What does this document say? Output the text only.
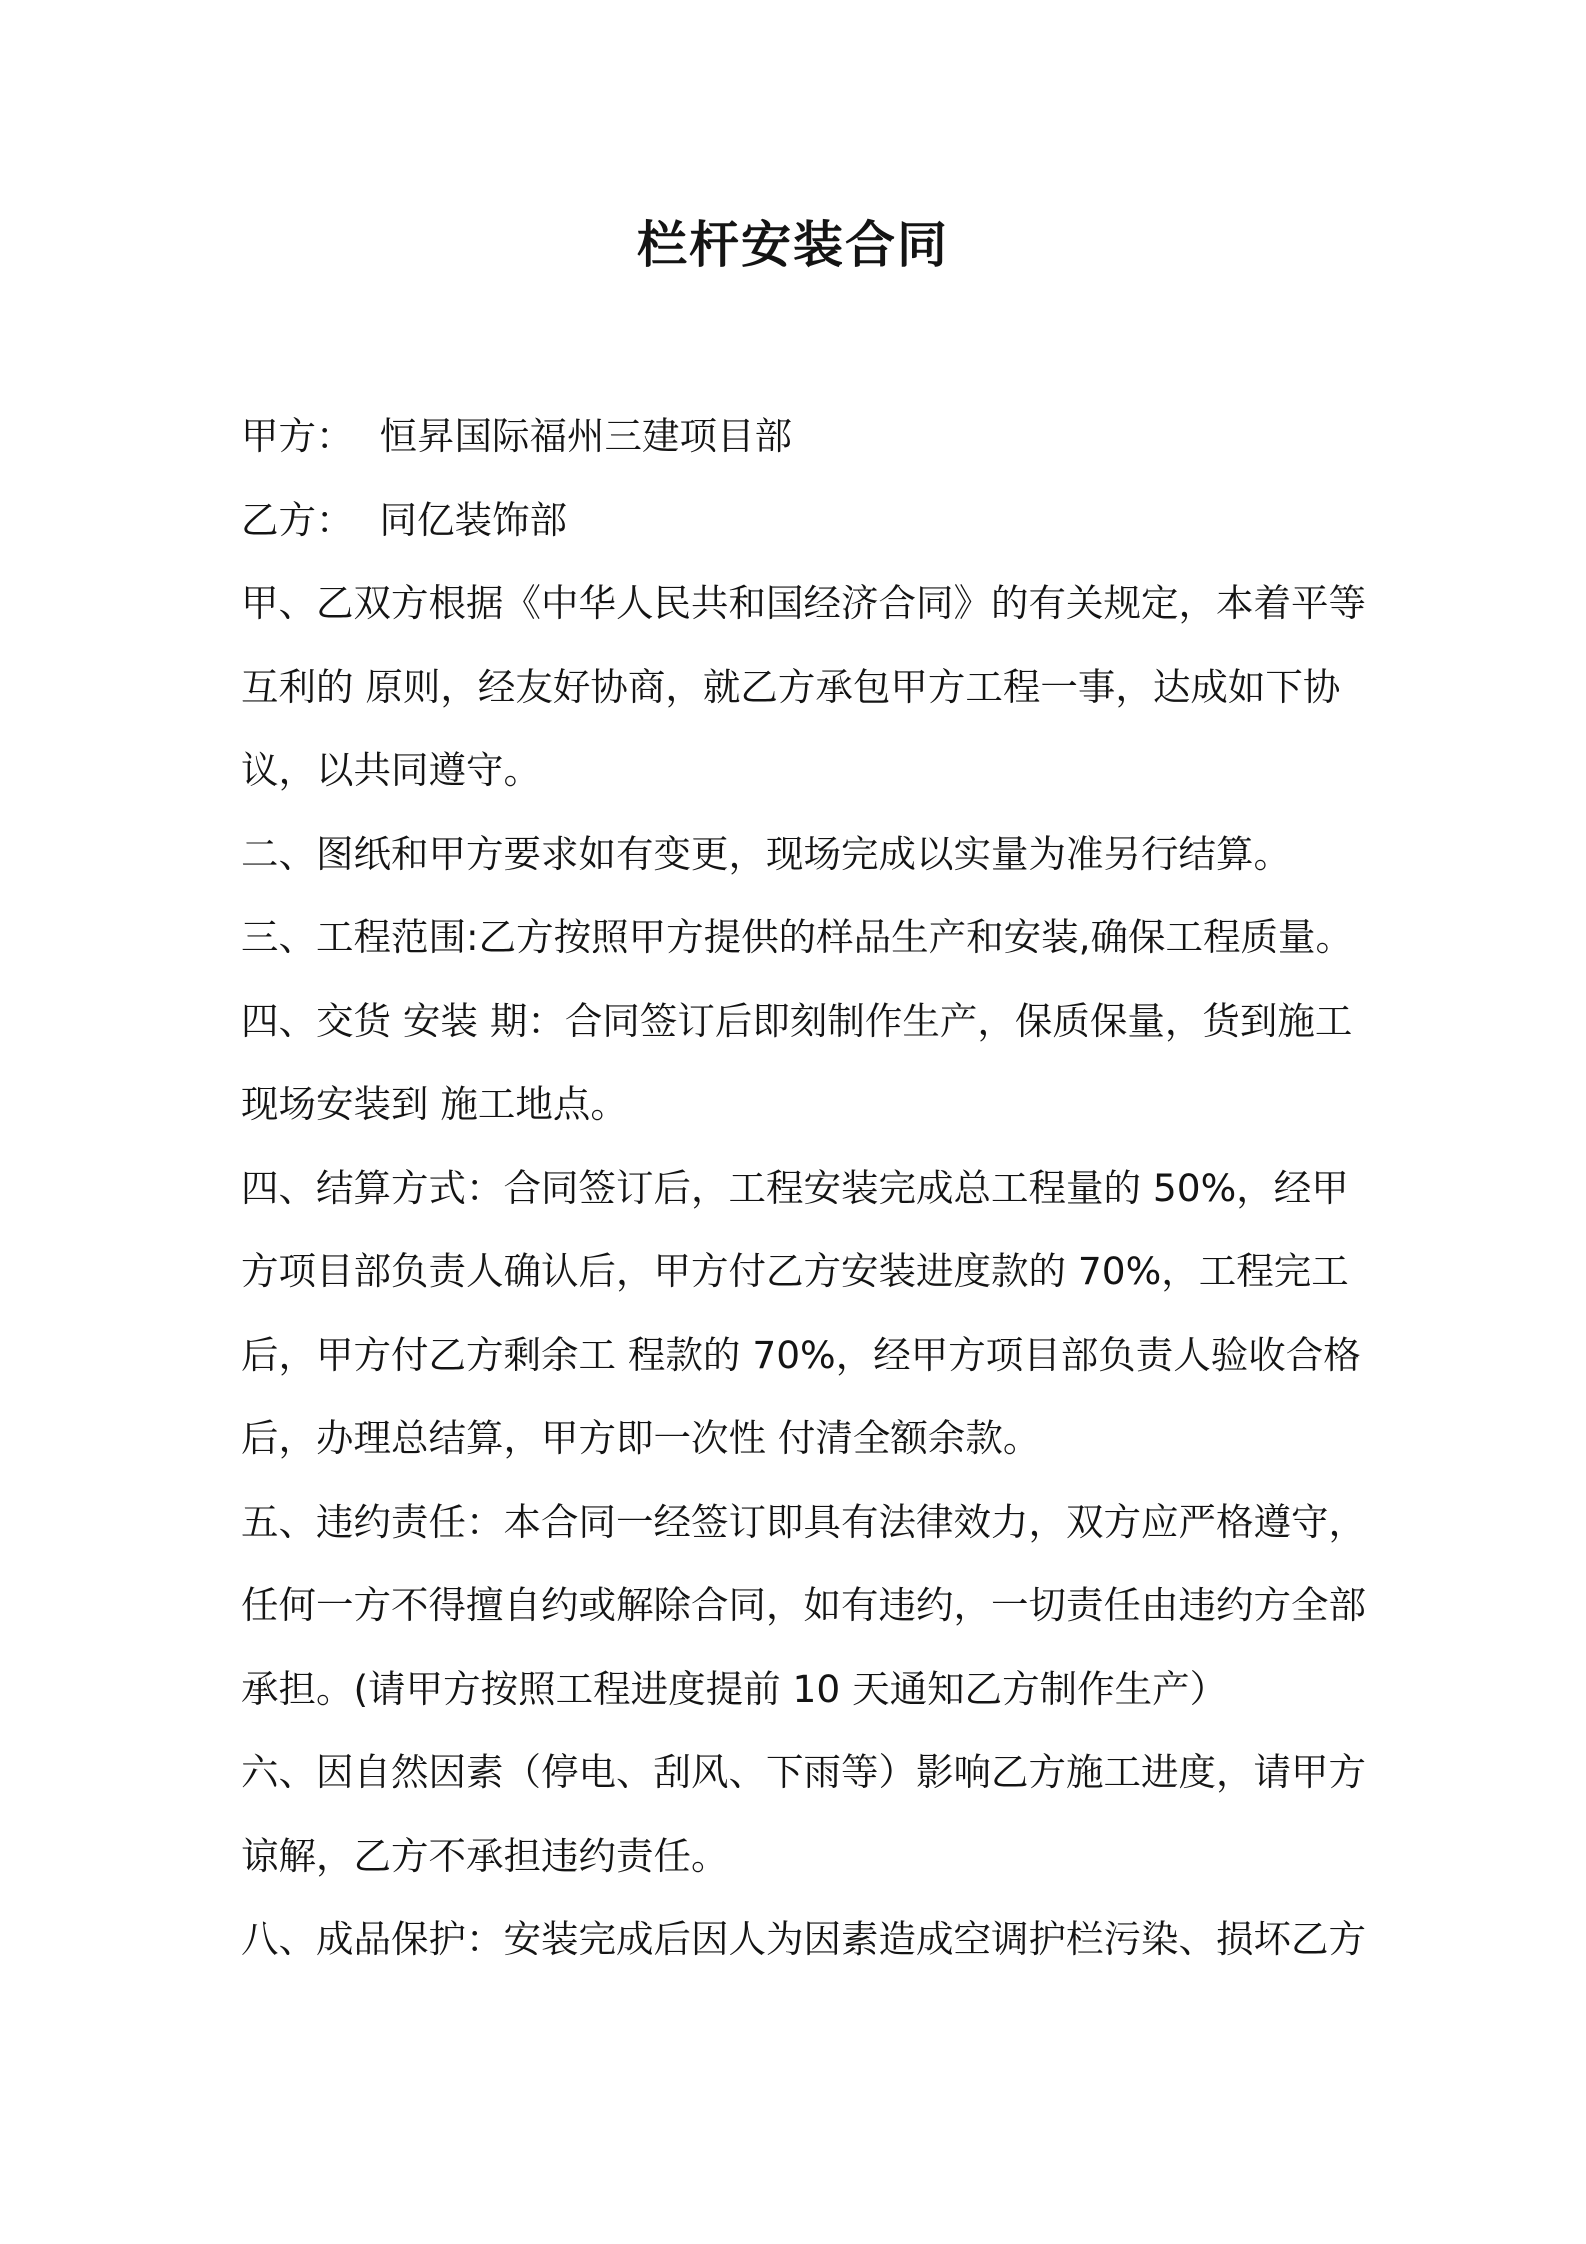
栏杆安装合同

甲方： 恒昇国际福州三建项目部

乙方： 同亿装饰部

甲、乙双方根据《中华人民共和国经济合同》的有关规定，本着平等

互利的 原则，经友好协商，就乙方承包甲方工程一事，达成如下协

议，以共同遵守。

二、图纸和甲方要求如有变更，现场完成以实量为准另行结算。

三、工程范围:乙方按照甲方提供的样品生产和安装,确保工程质量。

四、交货 安装 期：合同签订后即刻制作生产，保质保量，货到施工

现场安装到 施工地点。

四、结算方式：合同签订后，工程安装完成总工程量的 50%，经甲

方项目部负责人确认后，甲方付乙方安装进度款的 70%，工程完工

后，甲方付乙方剩余工 程款的 70%，经甲方项目部负责人验收合格

后，办理总结算，甲方即一次性 付清全额余款。

五、违约责任：本合同一经签订即具有法律效力，双方应严格遵守，

任何一方不得擅自约或解除合同，如有违约，一切责任由违约方全部

承担。(请甲方按照工程进度提前 10 天通知乙方制作生产）

六、因自然因素（停电、刮风、下雨等）影响乙方施工进度，请甲方

谅解，乙方不承担违约责任。

八、成品保护：安装完成后因人为因素造成空调护栏污染、损坏乙方
